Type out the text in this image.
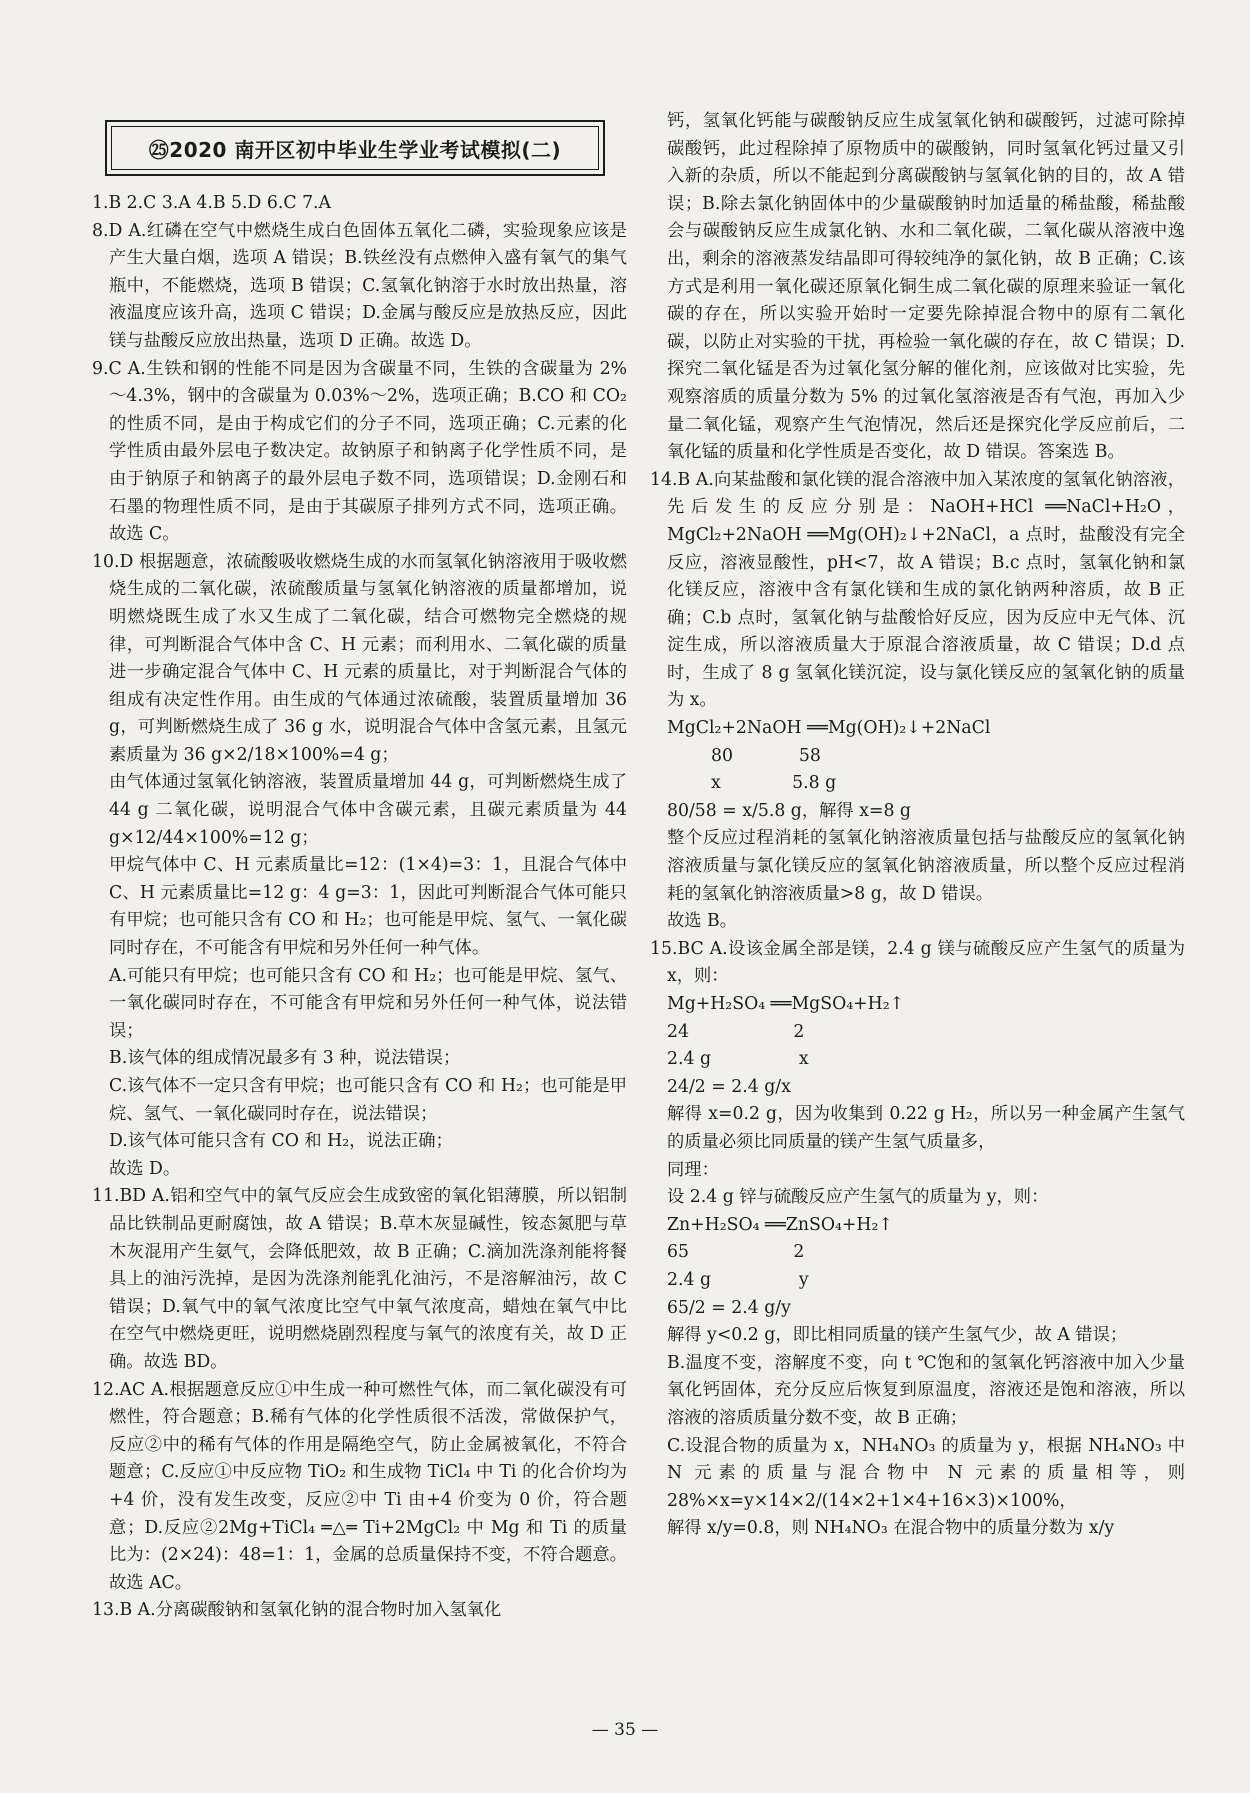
㉕2020 南开区初中毕业生学业考试模拟(二)

1.B 2.C 3.A 4.B 5.D 6.C 7.A

8.D A.红磷在空气中燃烧生成白色固体五氧化二磷，实验现象应该是产生大量白烟，选项 A 错误；B.铁丝没有点燃伸入盛有氧气的集气瓶中，不能燃烧，选项 B 错误；C.氢氧化钠溶于水时放出热量，溶液温度应该升高，选项 C 错误；D.金属与酸反应是放热反应，因此镁与盐酸反应放出热量，选项 D 正确。故选 D。

9.C A.生铁和钢的性能不同是因为含碳量不同，生铁的含碳量为 2%～4.3%，钢中的含碳量为 0.03%～2%，选项正确；B.CO 和 CO₂ 的性质不同，是由于构成它们的分子不同，选项正确；C.元素的化学性质由最外层电子数决定。故钠原子和钠离子化学性质不同，是由于钠原子和钠离子的最外层电子数不同，选项错误；D.金刚石和石墨的物理性质不同，是由于其碳原子排列方式不同，选项正确。故选 C。

10.D 根据题意，浓硫酸吸收燃烧生成的水而氢氧化钠溶液用于吸收燃烧生成的二氧化碳，浓硫酸质量与氢氧化钠溶液的质量都增加，说明燃烧既生成了水又生成了二氧化碳，结合可燃物完全燃烧的规律，可判断混合气体中含 C、H 元素；而利用水、二氧化碳的质量进一步确定混合气体中 C、H 元素的质量比，对于判断混合气体的组成有决定性作用。由生成的气体通过浓硫酸，装置质量增加 36 g，可判断燃烧生成了 36 g 水，说明混合气体中含氢元素，且氢元素质量为 36 g×2/18×100%=4 g；

由气体通过氢氧化钠溶液，装置质量增加 44 g，可判断燃烧生成了 44 g 二氧化碳，说明混合气体中含碳元素，且碳元素质量为 44 g×12/44×100%=12 g；

甲烷气体中 C、H 元素质量比=12：(1×4)=3：1，且混合气体中 C、H 元素质量比=12 g：4 g=3：1，因此可判断混合气体可能只有甲烷；也可能只含有 CO 和 H₂；也可能是甲烷、氢气、一氧化碳同时存在，不可能含有甲烷和另外任何一种气体。

A.可能只有甲烷；也可能只含有 CO 和 H₂；也可能是甲烷、氢气、一氧化碳同时存在，不可能含有甲烷和另外任何一种气体，说法错误；

B.该气体的组成情况最多有 3 种，说法错误；

C.该气体不一定只含有甲烷；也可能只含有 CO 和 H₂；也可能是甲烷、氢气、一氧化碳同时存在，说法错误；

D.该气体可能只含有 CO 和 H₂，说法正确；

故选 D。

11.BD A.铝和空气中的氧气反应会生成致密的氧化铝薄膜，所以铝制品比铁制品更耐腐蚀，故 A 错误；B.草木灰显碱性，铵态氮肥与草木灰混用产生氨气，会降低肥效，故 B 正确；C.滴加洗涤剂能将餐具上的油污洗掉，是因为洗涤剂能乳化油污，不是溶解油污，故 C 错误；D.氧气中的氧气浓度比空气中氧气浓度高，蜡烛在氧气中比在空气中燃烧更旺，说明燃烧剧烈程度与氧气的浓度有关，故 D 正确。故选 BD。

12.AC A.根据题意反应①中生成一种可燃性气体，而二氧化碳没有可燃性，符合题意；B.稀有气体的化学性质很不活泼，常做保护气，反应②中的稀有气体的作用是隔绝空气，防止金属被氧化，不符合题意；C.反应①中反应物 TiO₂ 和生成物 TiCl₄ 中 Ti 的化合价均为+4 价，没有发生改变，反应②中 Ti 由+4 价变为 0 价，符合题意；D.反应②2Mg+TiCl₄ ═△═ Ti+2MgCl₂ 中 Mg 和 Ti 的质量比为：(2×24)：48=1：1，金属的总质量保持不变，不符合题意。故选 AC。

13.B A.分离碳酸钠和氢氧化钠的混合物时加入氢氧化

钙，氢氧化钙能与碳酸钠反应生成氢氧化钠和碳酸钙，过滤可除掉碳酸钙，此过程除掉了原物质中的碳酸钠，同时氢氧化钙过量又引入新的杂质，所以不能起到分离碳酸钠与氢氧化钠的目的，故 A 错误；B.除去氯化钠固体中的少量碳酸钠时加适量的稀盐酸，稀盐酸会与碳酸钠反应生成氯化钠、水和二氧化碳，二氧化碳从溶液中逸出，剩余的溶液蒸发结晶即可得较纯净的氯化钠，故 B 正确；C.该方式是利用一氧化碳还原氧化铜生成二氧化碳的原理来验证一氧化碳的存在，所以实验开始时一定要先除掉混合物中的原有二氧化碳，以防止对实验的干扰，再检验一氧化碳的存在，故 C 错误；D.探究二氧化锰是否为过氧化氢分解的催化剂，应该做对比实验，先观察溶质的质量分数为 5% 的过氧化氢溶液是否有气泡，再加入少量二氧化锰，观察产生气泡情况，然后还是探究化学反应前后，二氧化锰的质量和化学性质是否变化，故 D 错误。答案选 B。

14.B A.向某盐酸和氯化镁的混合溶液中加入某浓度的氢氧化钠溶液，先后发生的反应分别是：NaOH+HCl ══NaCl+H₂O，MgCl₂+2NaOH ══Mg(OH)₂↓+2NaCl，a 点时，盐酸没有完全反应，溶液显酸性，pH<7，故 A 错误；B.c 点时，氢氧化钠和氯化镁反应，溶液中含有氯化镁和生成的氯化钠两种溶质，故 B 正确；C.b 点时，氢氧化钠与盐酸恰好反应，因为反应中无气体、沉淀生成，所以溶液质量大于原混合溶液质量，故 C 错误；D.d 点时，生成了 8 g 氢氧化镁沉淀，设与氯化镁反应的氢氧化钠的质量为 x。

MgCl₂+2NaOH ══Mg(OH)₂↓+2NaCl

80            58

x             5.8 g

80/58 = x/5.8 g，解得 x=8 g

整个反应过程消耗的氢氧化钠溶液质量包括与盐酸反应的氢氧化钠溶液质量与氯化镁反应的氢氧化钠溶液质量，所以整个反应过程消耗的氢氧化钠溶液质量>8 g，故 D 错误。

故选 B。

15.BC A.设该金属全部是镁，2.4 g 镁与硫酸反应产生氢气的质量为 x，则：

Mg+H₂SO₄ ══MgSO₄+H₂↑

24                   2

2.4 g                x

24/2 = 2.4 g/x

解得 x=0.2 g，因为收集到 0.22 g H₂，所以另一种金属产生氢气的质量必须比同质量的镁产生氢气质量多，

同理：

设 2.4 g 锌与硫酸反应产生氢气的质量为 y，则：

Zn+H₂SO₄ ══ZnSO₄+H₂↑

65                   2

2.4 g                y

65/2 = 2.4 g/y

解得 y<0.2 g，即比相同质量的镁产生氢气少，故 A 错误；

B.温度不变，溶解度不变，向 t ℃饱和的氢氧化钙溶液中加入少量氧化钙固体，充分反应后恢复到原温度，溶液还是饱和溶液，所以溶液的溶质质量分数不变，故 B 正确；

C.设混合物的质量为 x，NH₄NO₃ 的质量为 y，根据 NH₄NO₃ 中 N 元素的质量与混合物中 N 元素的质量相等，则 28%×x=y×14×2/(14×2+1×4+16×3)×100%，

解得 x/y=0.8，则 NH₄NO₃ 在混合物中的质量分数为 x/y

— 35 —
